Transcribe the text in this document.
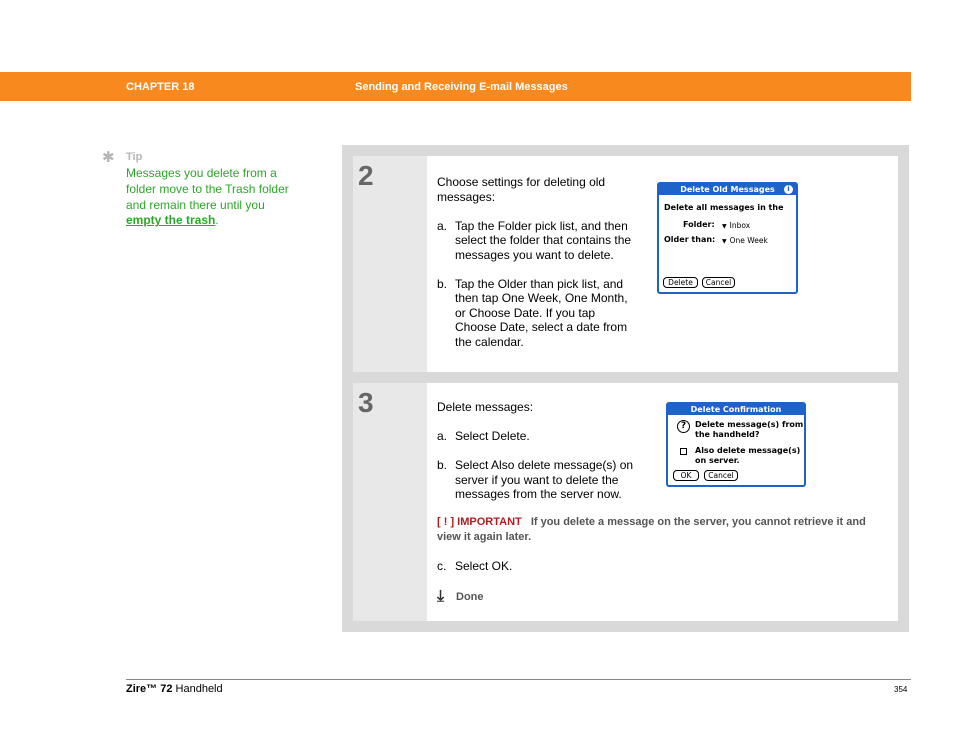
CHAPTER 18	Sending and Receiving E-mail Messages
✱ Tip
Messages you delete from a folder move to the Trash folder and remain there until you empty the trash.
2	Choose settings for deleting old messages:

a. Tap the Folder pick list, and then select the folder that contains the messages you want to delete.

b. Tap the Older than pick list, and then tap One Week, One Month, or Choose Date. If you tap Choose Date, select a date from the calendar.
Delete Old Messages	i
Delete all messages in the
Folder: ▼ Inbox
Older than: ▼ One Week
Delete	Cancel
3	Delete messages:

a. Select Delete.

b. Select Also delete message(s) on server if you want to delete the messages from the server now.
Delete Confirmation
?	Delete message(s) from the handheld?
Also delete message(s) on server.
OK	Cancel
[ ! ] IMPORTANT If you delete a message on the server, you cannot retrieve it and view it again later.
c. Select OK.
⤓ Done
Zire™ 72 Handheld	354
